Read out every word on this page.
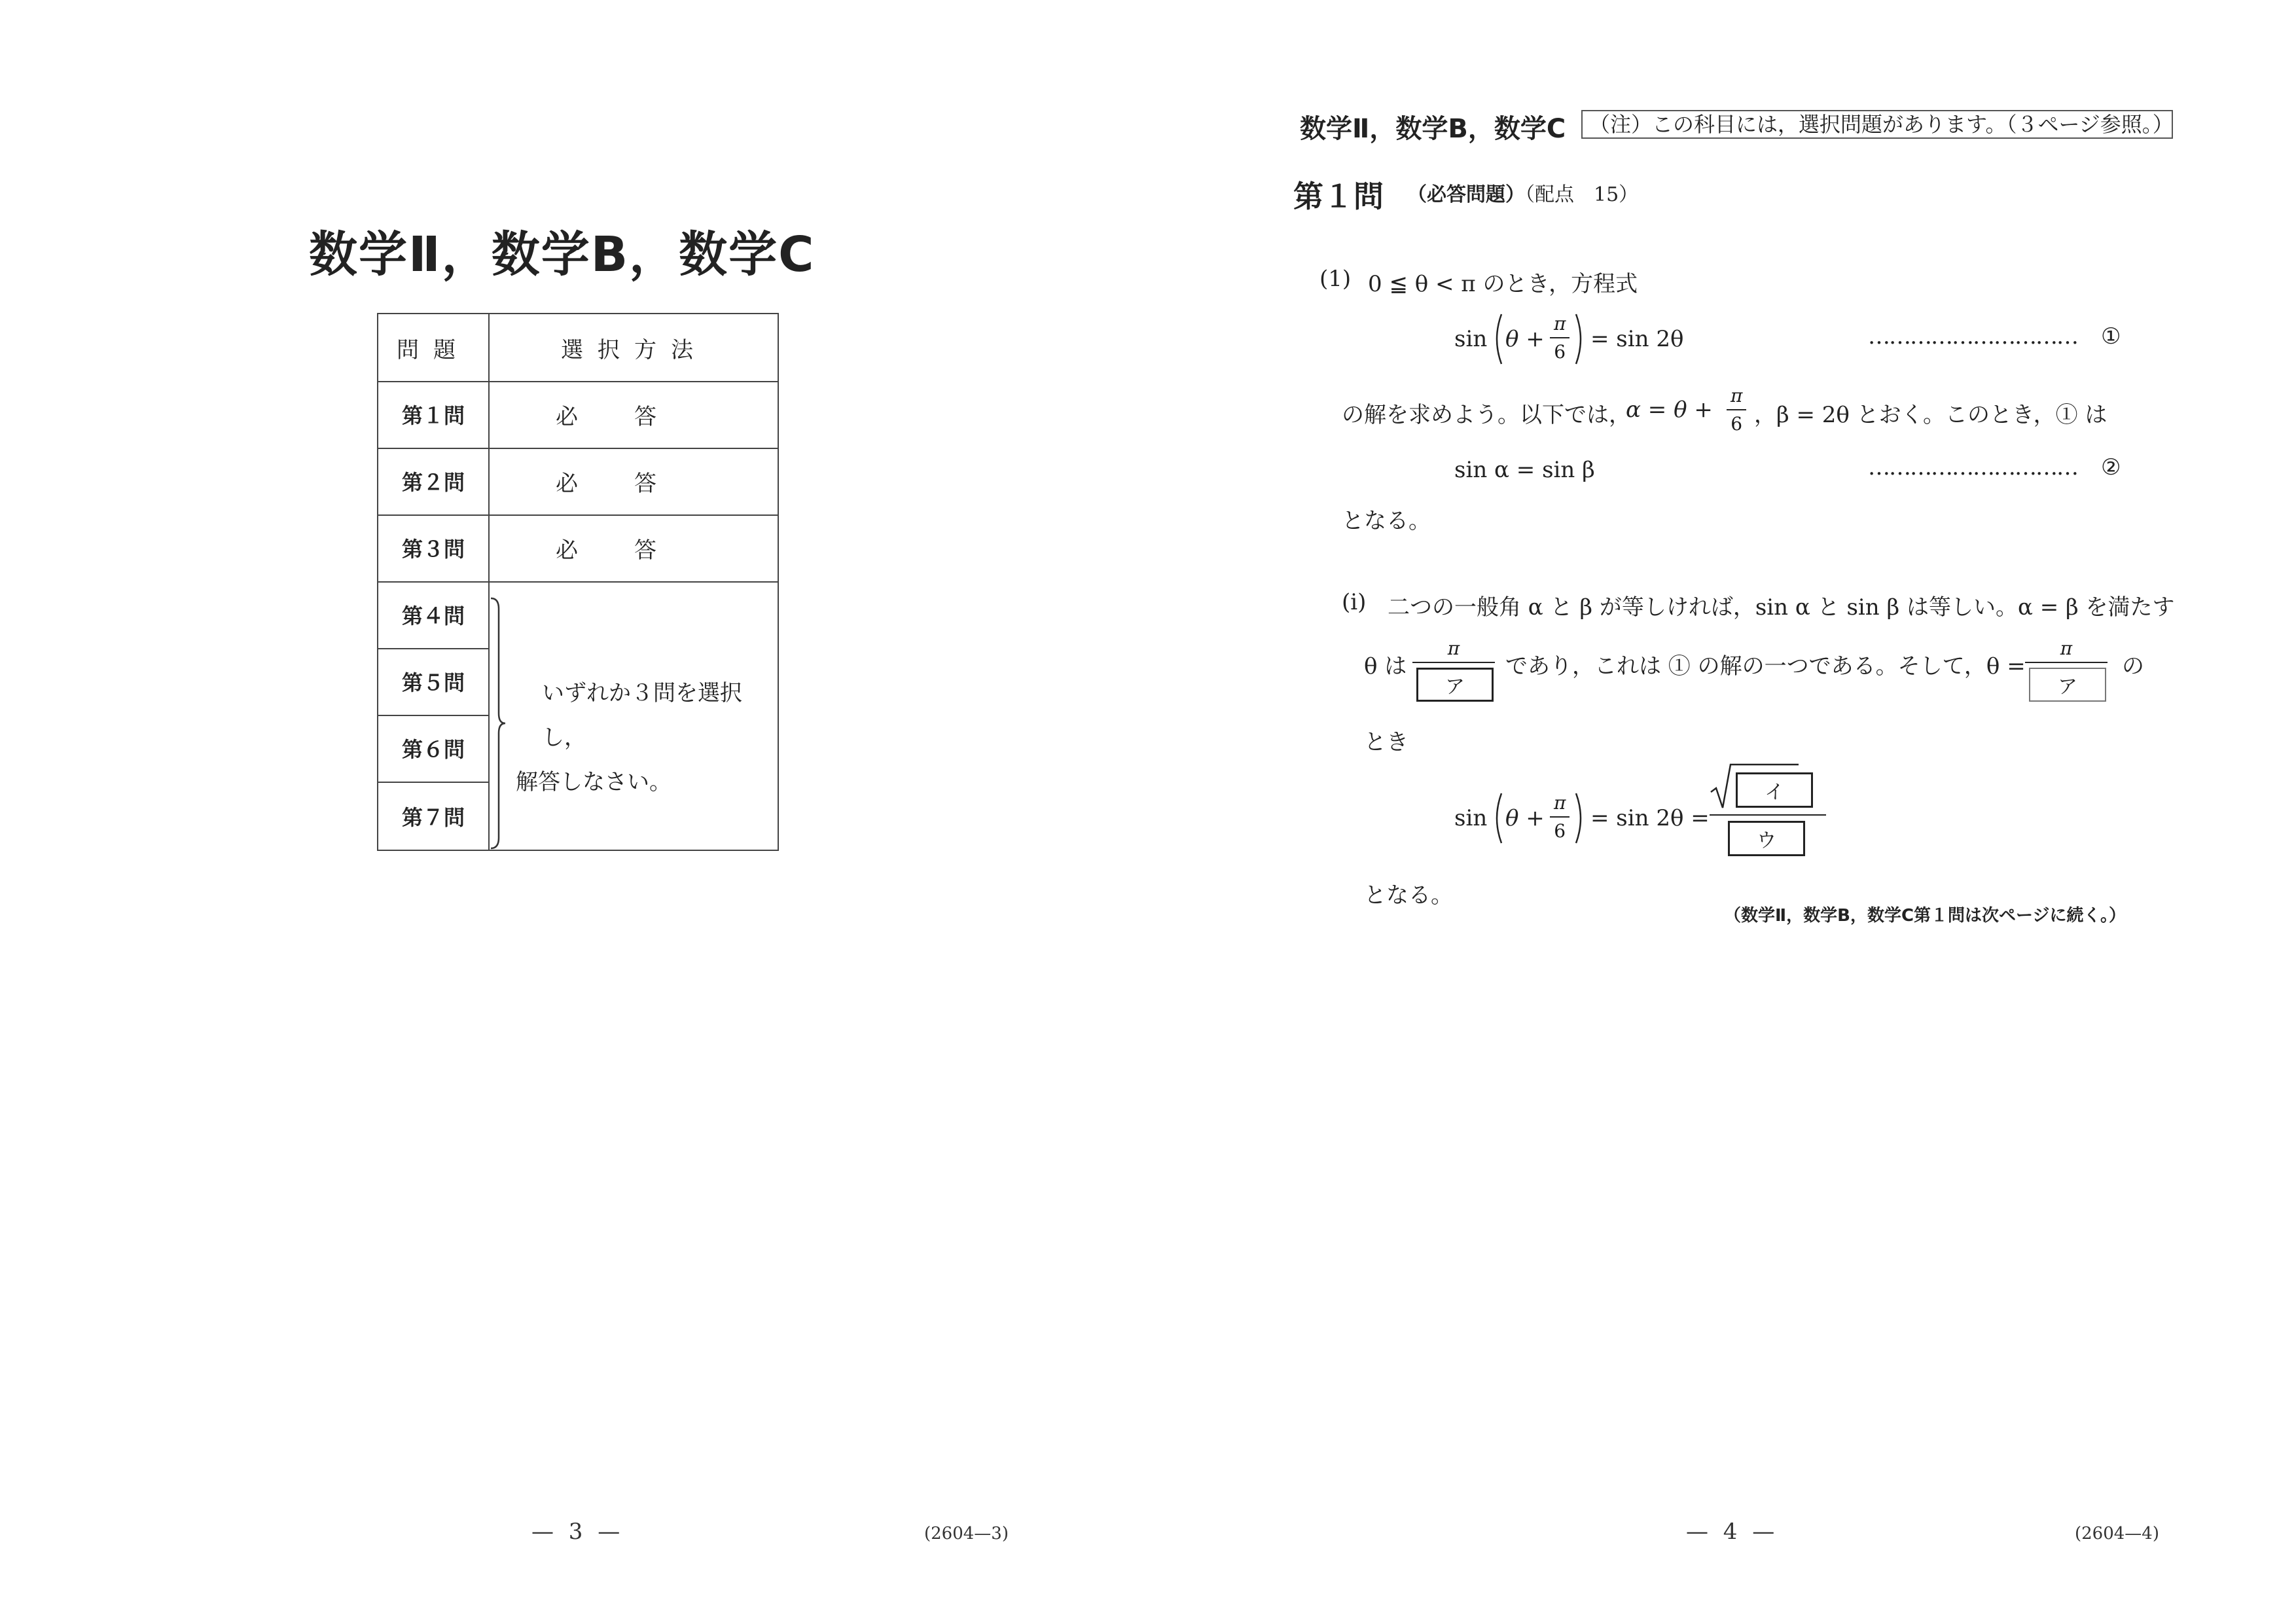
数学Ⅱ，数学B，数学C
問題	選択方法
第１問	必答
第２問	必答
第３問	必答
第４問
第５問
第６問
第７問
いずれか３問を選択し，
解答しなさい。
— 3 —	(2604—3)
数学Ⅱ，数学B，数学C	（注）この科目には，選択問題があります。（３ページ参照。）
第１問 （必答問題）（配点　15）
(1) 0 ≦ θ < π のとき，方程式
sin θ +
π
6 = sin 2θ	………………………… ①
の解を求めよう。以下では，
α = θ +
π
6 ，β = 2θ とおく。このとき，① は
sin α = sin β	………………………… ②
となる。
(i) 二つの一般角 α と β が等しければ，sin α と sin β は等しい。α = β を満たす
θ は
π
ア
であり，これは ① の解の一つである。そして，θ =
π
ア
の
とき
sin θ +
π
6 = sin 2θ =
イ
ウ
となる。
（数学Ⅱ，数学B，数学C第１問は次ページに続く。）
— 4 —	(2604—4)
